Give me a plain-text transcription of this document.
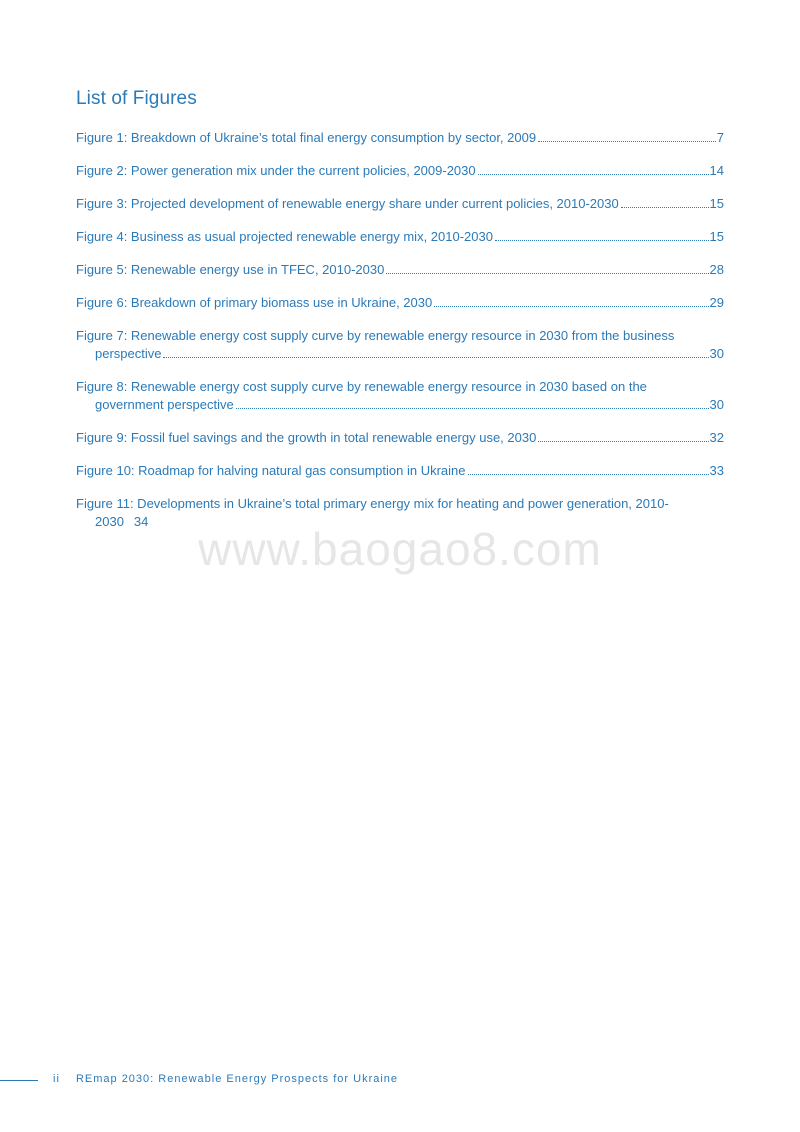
List of Figures
Figure 1: Breakdown of Ukraine’s total final energy consumption by sector, 2009	7
Figure 2: Power generation mix under the current policies, 2009-2030	14
Figure 3: Projected development of renewable energy share under current policies, 2010-2030	15
Figure 4: Business as usual projected renewable energy mix, 2010-2030	15
Figure 5: Renewable energy use in TFEC, 2010-2030	28
Figure 6: Breakdown of primary biomass use in Ukraine, 2030	29
Figure 7: Renewable energy cost supply curve by renewable energy resource in 2030 from the business
perspective	30
Figure 8: Renewable energy cost supply curve by renewable energy resource in 2030 based on the
government perspective	30
Figure 9: Fossil fuel savings and the growth in total renewable energy use, 2030	32
Figure 10: Roadmap for halving natural gas consumption in Ukraine	33
Figure 11: Developments in Ukraine’s total primary energy mix for heating and power generation, 2010-
2030 34
www.baogao8.com
ii REmap 2030: Renewable Energy Prospects for Ukraine
